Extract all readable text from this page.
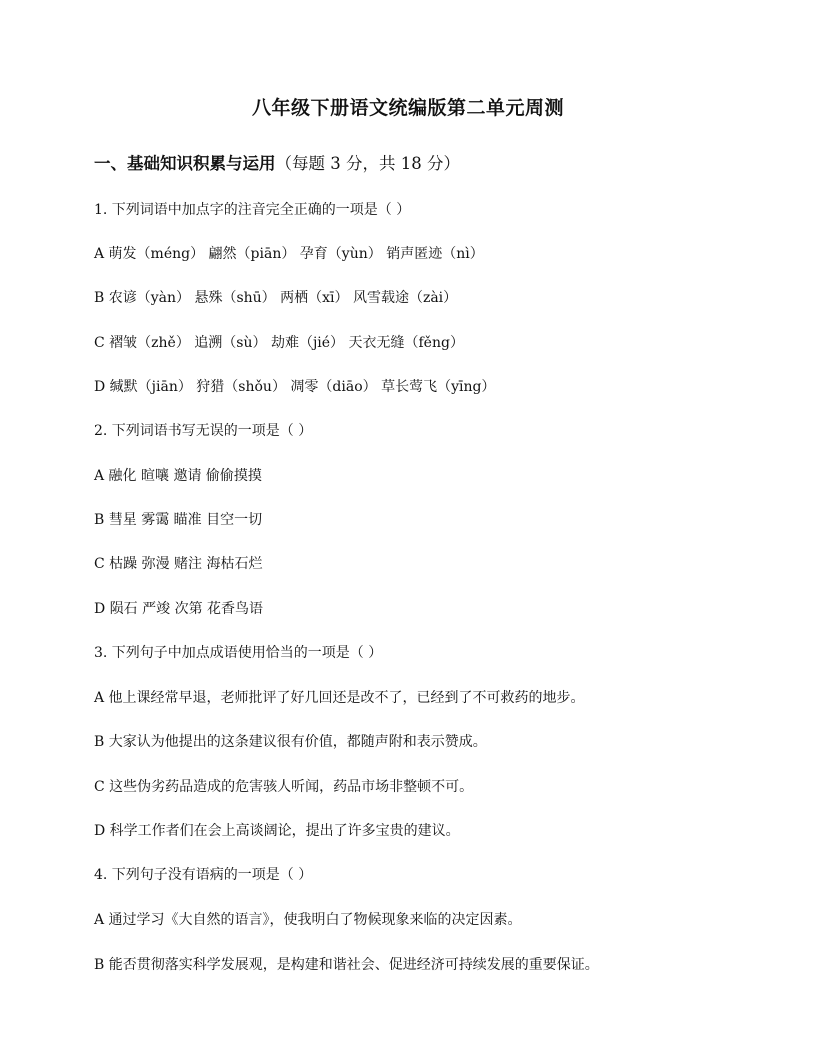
八年级下册语文统编版第二单元周测
一、基础知识积累与运用（每题 3 分，共 18 分）
1. 下列词语中加点字的注音完全正确的一项是（ ）
A 萌发（méng） 翩然（piān） 孕育（yùn） 销声匿迹（nì）
B 农谚（yàn） 悬殊（shū） 两栖（xī） 风雪载途（zài）
C 褶皱（zhě） 追溯（sù） 劫难（jié） 天衣无缝（fěng）
D 缄默（jiān） 狩猎（shǒu） 凋零（diāo） 草长莺飞（yīng）
2. 下列词语书写无误的一项是（ ）
A 融化 暄嚷 邀请 偷偷摸摸
B 彗星 雾霭 瞄准 目空一切
C 枯躁 弥漫 赌注 海枯石烂
D 陨石 严竣 次第 花香鸟语
3. 下列句子中加点成语使用恰当的一项是（ ）
A 他上课经常早退，老师批评了好几回还是改不了，已经到了不可救药的地步。
B 大家认为他提出的这条建议很有价值，都随声附和表示赞成。
C 这些伪劣药品造成的危害骇人听闻，药品市场非整顿不可。
D 科学工作者们在会上高谈阔论，提出了许多宝贵的建议。
4. 下列句子没有语病的一项是（ ）
A 通过学习《大自然的语言》，使我明白了物候现象来临的决定因素。
B 能否贯彻落实科学发展观，是构建和谐社会、促进经济可持续发展的重要保证。
